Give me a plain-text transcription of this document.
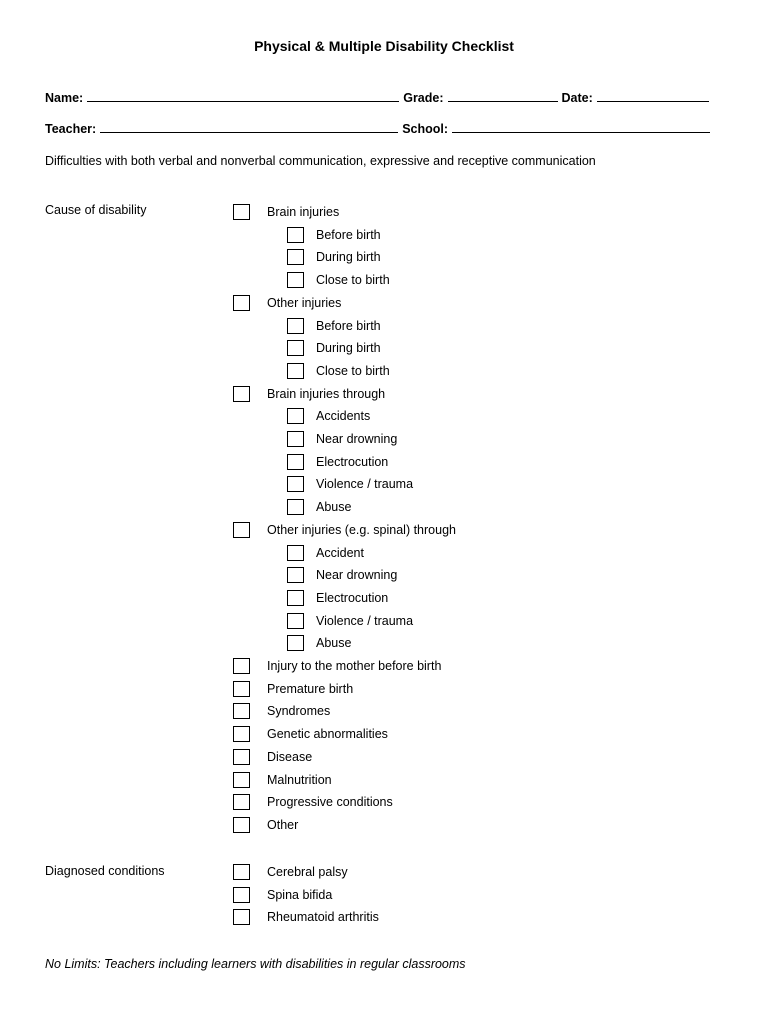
Physical & Multiple Disability Checklist
Name:	Grade:	Date:
Teacher:	School:
Difficulties with both verbal and nonverbal communication, expressive and receptive communication
Cause of disability	Brain injuries
Before birth
During birth
Close to birth
Other injuries
Before birth
During birth
Close to birth
Brain injuries through
Accidents
Near drowning
Electrocution
Violence / trauma
Abuse
Other injuries (e.g. spinal) through
Accident
Near drowning
Electrocution
Violence / trauma
Abuse
Injury to the mother before birth
Premature birth
Syndromes
Genetic abnormalities
Disease
Malnutrition
Progressive conditions
Other
Diagnosed conditions	Cerebral palsy
Spina bifida
Rheumatoid arthritis
No Limits: Teachers including learners with disabilities in regular classrooms
